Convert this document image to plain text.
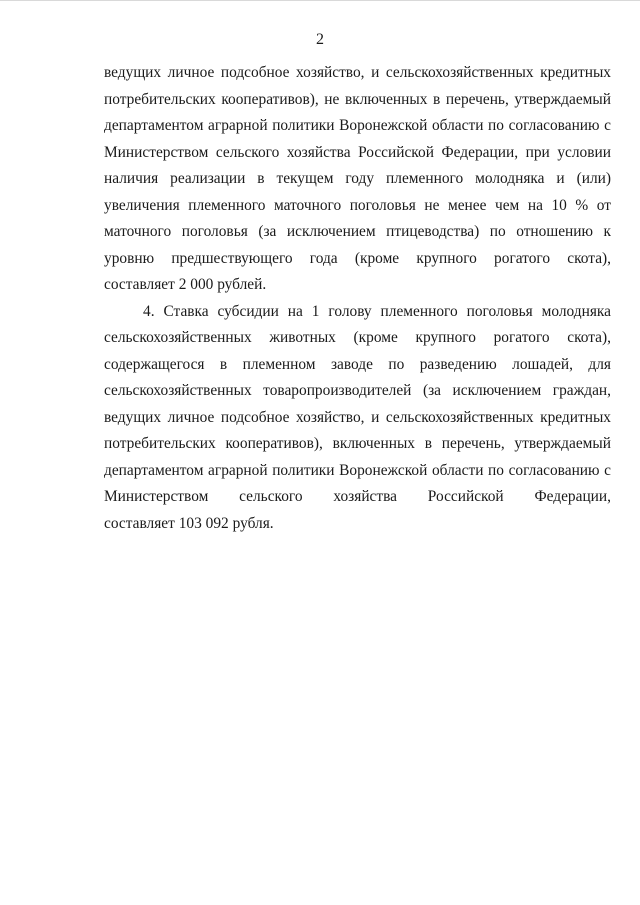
2
ведущих личное подсобное хозяйство, и сельскохозяйственных кредитных
потребительских кооперативов), не включенных в перечень, утверждаемый
департаментом аграрной политики Воронежской области по согласованию с
Министерством сельского хозяйства Российской Федерации, при условии
наличия реализации в текущем году племенного молодняка и (или)
увеличения племенного маточного поголовья не менее чем на 10 % от
маточного поголовья (за исключением птицеводства) по отношению к
уровню предшествующего года (кроме крупного рогатого скота),
составляет 2 000 рублей.
4. Ставка субсидии на 1 голову племенного поголовья молодняка
сельскохозяйственных животных (кроме крупного рогатого скота),
содержащегося в племенном заводе по разведению лошадей, для
сельскохозяйственных товаропроизводителей (за исключением граждан,
ведущих личное подсобное хозяйство, и сельскохозяйственных кредитных
потребительских кооперативов), включенных в перечень, утверждаемый
департаментом аграрной политики Воронежской области по согласованию с
Министерством сельского хозяйства Российской Федерации,
составляет 103 092 рубля.
